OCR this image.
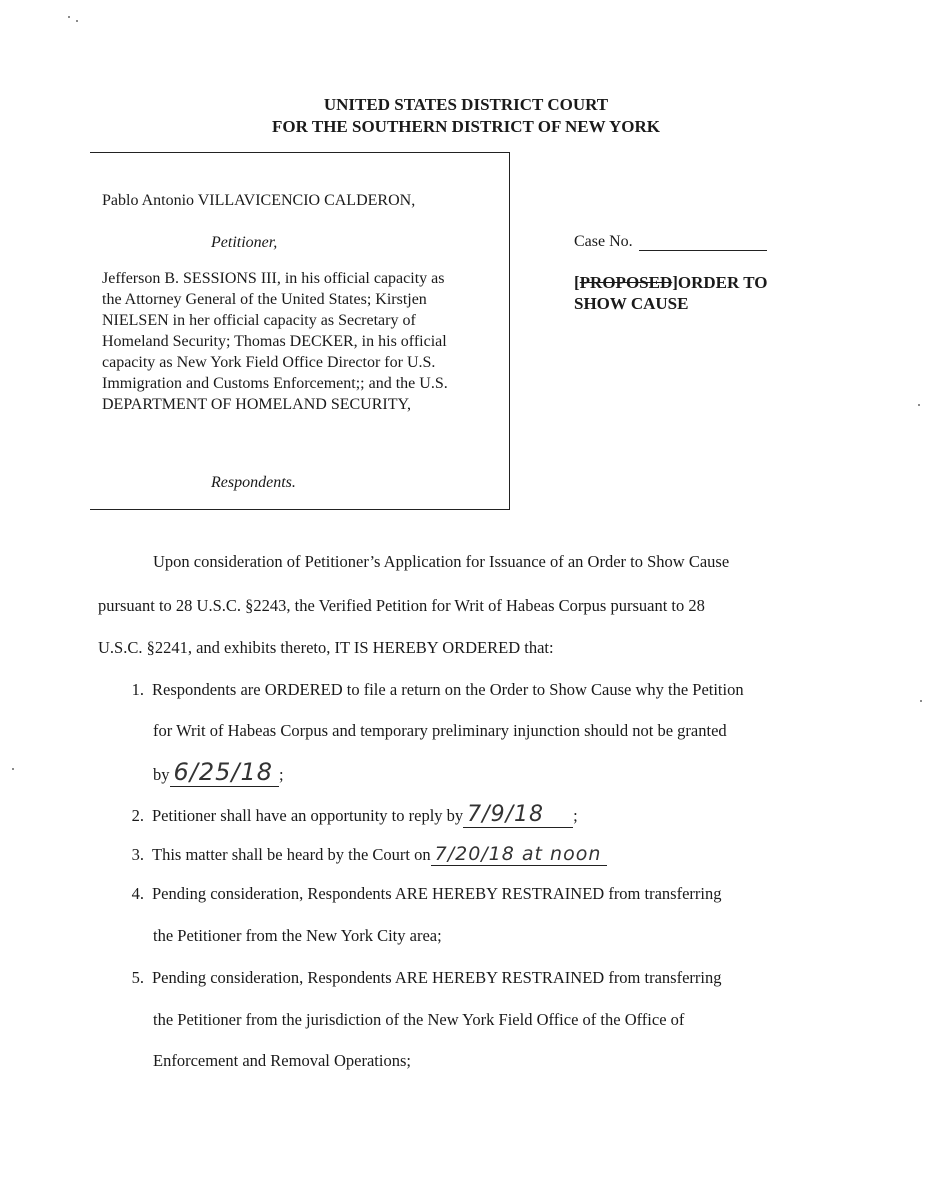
UNITED STATES DISTRICT COURT
FOR THE SOUTHERN DISTRICT OF NEW YORK
Pablo Antonio VILLAVICENCIO CALDERON,
Petitioner,
Jefferson B. SESSIONS III, in his official capacity as
the Attorney General of the United States; Kirstjen
NIELSEN in her official capacity as Secretary of
Homeland Security; Thomas DECKER, in his official
capacity as New York Field Office Director for U.S.
Immigration and Customs Enforcement;; and the U.S.
DEPARTMENT OF HOMELAND SECURITY,
Respondents.
Case No.
[PROPOSED]ORDER TO
SHOW CAUSE
Upon consideration of Petitioner’s Application for Issuance of an Order to Show Cause
pursuant to 28 U.S.C. §2243, the Verified Petition for Writ of Habeas Corpus pursuant to 28
U.S.C. §2241, and exhibits thereto, IT IS HEREBY ORDERED that:
1. Respondents are ORDERED to file a return on the Order to Show Cause why the Petition
for Writ of Habeas Corpus and temporary preliminary injunction should not be granted
by 6/25/18 ;
2. Petitioner shall have an opportunity to reply by 7/9/18 ;
3. This matter shall be heard by the Court on 7/20/18 at noon
4. Pending consideration, Respondents ARE HEREBY RESTRAINED from transferring
the Petitioner from the New York City area;
5. Pending consideration, Respondents ARE HEREBY RESTRAINED from transferring
the Petitioner from the jurisdiction of the New York Field Office of the Office of
Enforcement and Removal Operations;
